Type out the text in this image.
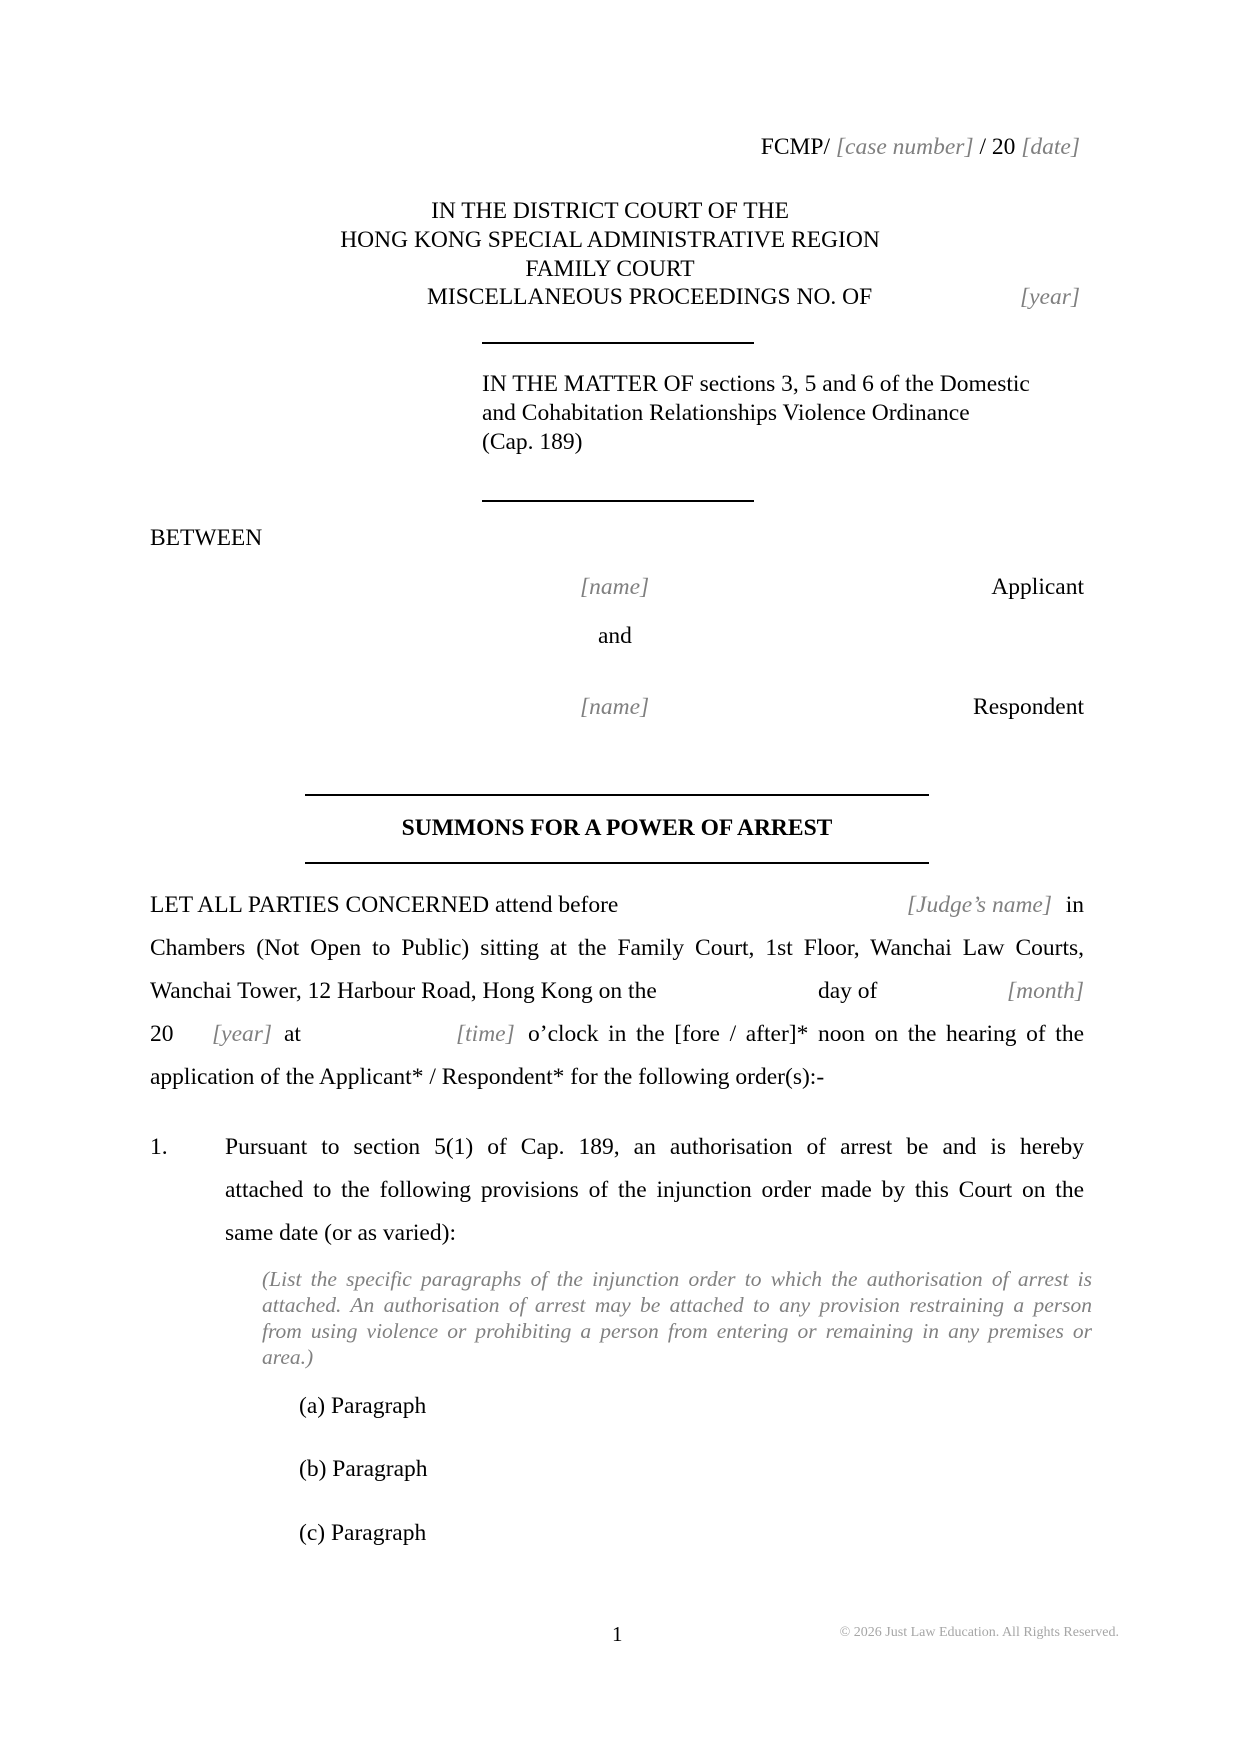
FCMP/ [case number] / 20 [date]
IN THE DISTRICT COURT OF THE
HONG KONG SPECIAL ADMINISTRATIVE REGION
FAMILY COURT
MISCELLANEOUS PROCEEDINGS NO. OF	[year]
IN THE MATTER OF sections 3, 5 and 6 of the Domestic
and Cohabitation Relationships Violence Ordinance
(Cap. 189)
BETWEEN
[name]	Applicant
and
[name]	Respondent
SUMMONS FOR A POWER OF ARREST
LET ALL PARTIES CONCERNED attend before	[Judge’s name] in
Chambers (Not Open to Public) sitting at the Family Court, 1st Floor, Wanchai Law Courts,
Wanchai Tower, 12 Harbour Road, Hong Kong on the	day of	[month]
20 [year] at	[time] o’clock in the [fore / after]* noon on the hearing of the
application of the Applicant* / Respondent* for the following order(s):-
1. Pursuant to section 5(1) of Cap. 189, an authorisation of arrest be and is hereby
attached to the following provisions of the injunction order made by this Court on the
same date (or as varied):
(List the specific paragraphs of the injunction order to which the authorisation of arrest is
attached. An authorisation of arrest may be attached to any provision restraining a person
from using violence or prohibiting a person from entering or remaining in any premises or
area.)
(a) Paragraph
(b) Paragraph
(c) Paragraph
1	© 2026 Just Law Education. All Rights Reserved.
